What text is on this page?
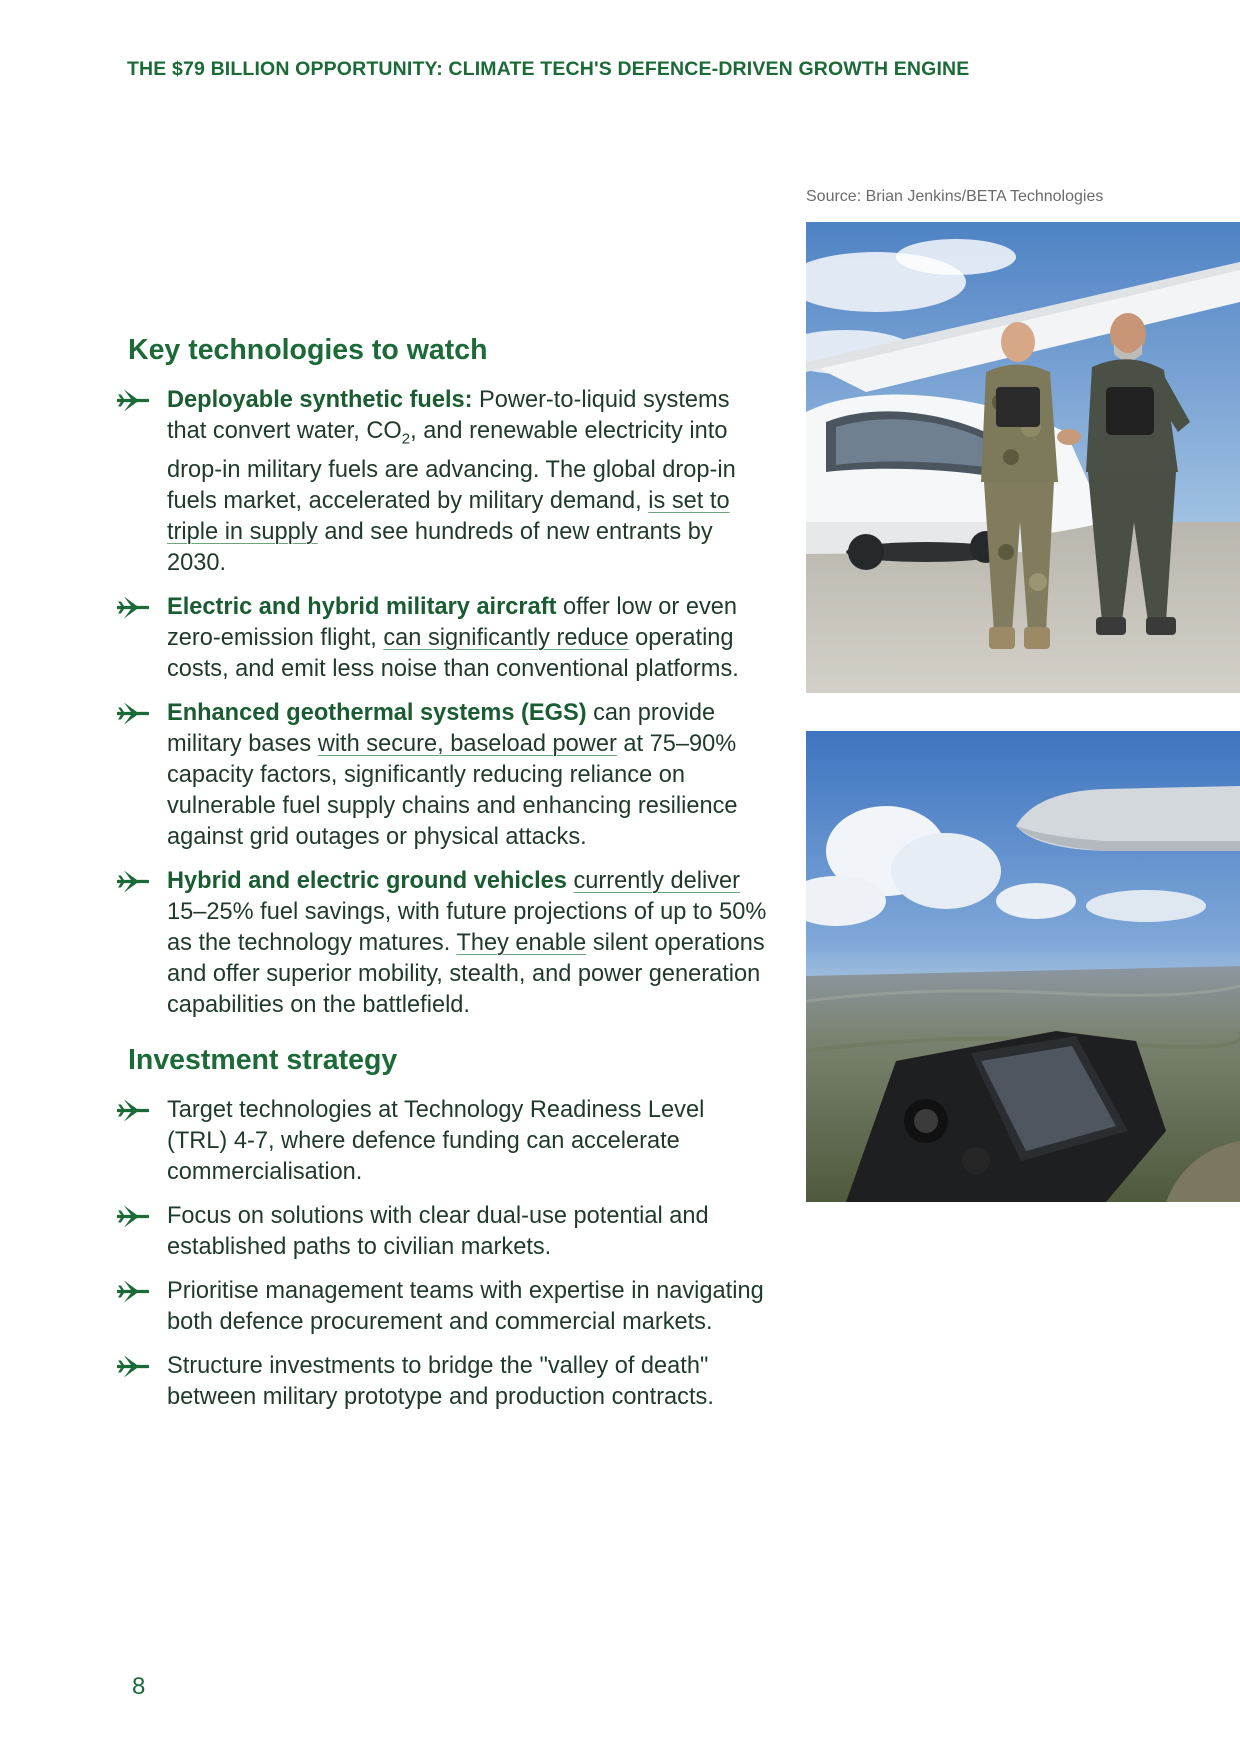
THE $79 BILLION OPPORTUNITY: CLIMATE TECH'S DEFENCE-DRIVEN GROWTH ENGINE
Source: Brian Jenkins/BETA Technologies
Key technologies to watch
Deployable synthetic fuels: Power-to-liquid systems that convert water, $CO_2$, and renewable electricity into drop-in military fuels are advancing. The global drop-in fuels market, accelerated by military demand, is set to triple in supply and see hundreds of new entrants by 2030.
Electric and hybrid military aircraft offer low or even zero-emission flight, can significantly reduce operating costs, and emit less noise than conventional platforms.
Enhanced geothermal systems (EGS) can provide military bases with secure, baseload power at 75–90% capacity factors, significantly reducing reliance on vulnerable fuel supply chains and enhancing resilience against grid outages or physical attacks.
Hybrid and electric ground vehicles currently deliver 15–25% fuel savings, with future projections of up to 50% as the technology matures. They enable silent operations and offer superior mobility, stealth, and power generation capabilities on the battlefield.
Investment strategy
Target technologies at Technology Readiness Level (TRL) 4-7, where defence funding can accelerate commercialisation.
Focus on solutions with clear dual-use potential and established paths to civilian markets.
Prioritise management teams with expertise in navigating both defence procurement and commercial markets.
Structure investments to bridge the "valley of death" between military prototype and production contracts.
8
